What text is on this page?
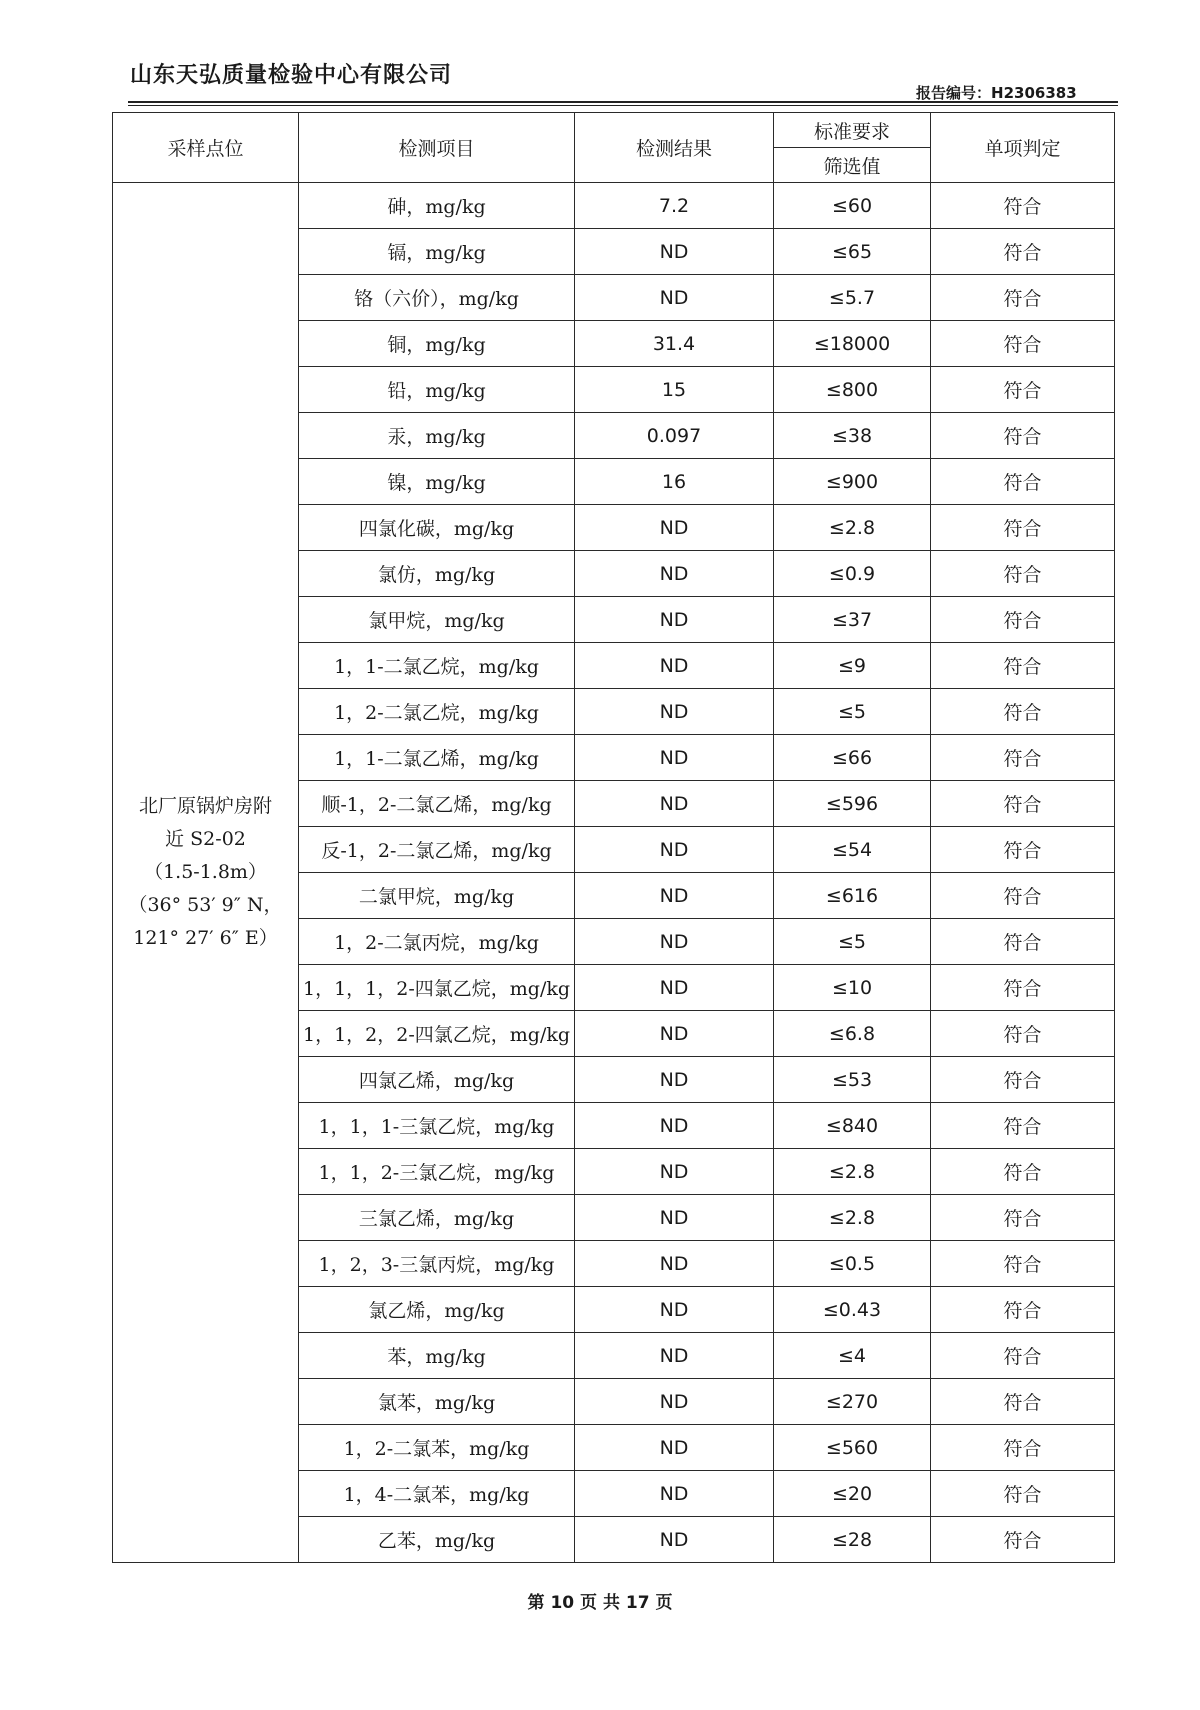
山东天弘质量检验中心有限公司
报告编号：H2306383
采样点位	检测项目	检测结果	标准要求	单项判定
			筛选值	

北厂原锅炉房附
近 S2-02
（1.5-1.8m）
（36° 53′ 9″ N，
121° 27′ 6″ E）	砷，mg/kg	7.2	≤60	符合
	镉，mg/kg	ND	≤65	符合
	铬（六价），mg/kg	ND	≤5.7	符合
	铜，mg/kg	31.4	≤18000	符合
	铅，mg/kg	15	≤800	符合
	汞，mg/kg	0.097	≤38	符合
	镍，mg/kg	16	≤900	符合
	四氯化碳，mg/kg	ND	≤2.8	符合
	氯仿，mg/kg	ND	≤0.9	符合
	氯甲烷，mg/kg	ND	≤37	符合
	1，1-二氯乙烷，mg/kg	ND	≤9	符合
	1，2-二氯乙烷，mg/kg	ND	≤5	符合
	1，1-二氯乙烯，mg/kg	ND	≤66	符合
	顺-1，2-二氯乙烯，mg/kg	ND	≤596	符合
	反-1，2-二氯乙烯，mg/kg	ND	≤54	符合
	二氯甲烷，mg/kg	ND	≤616	符合
	1，2-二氯丙烷，mg/kg	ND	≤5	符合
	1，1，1，2-四氯乙烷，mg/kg	ND	≤10	符合
	1，1，2，2-四氯乙烷，mg/kg	ND	≤6.8	符合
	四氯乙烯，mg/kg	ND	≤53	符合
	1，1，1-三氯乙烷，mg/kg	ND	≤840	符合
	1，1，2-三氯乙烷，mg/kg	ND	≤2.8	符合
	三氯乙烯，mg/kg	ND	≤2.8	符合
	1，2，3-三氯丙烷，mg/kg	ND	≤0.5	符合
	氯乙烯，mg/kg	ND	≤0.43	符合
	苯，mg/kg	ND	≤4	符合
	氯苯，mg/kg	ND	≤270	符合
	1，2-二氯苯，mg/kg	ND	≤560	符合
	1，4-二氯苯，mg/kg	ND	≤20	符合
	乙苯，mg/kg	ND	≤28	符合
第 10 页 共 17 页
